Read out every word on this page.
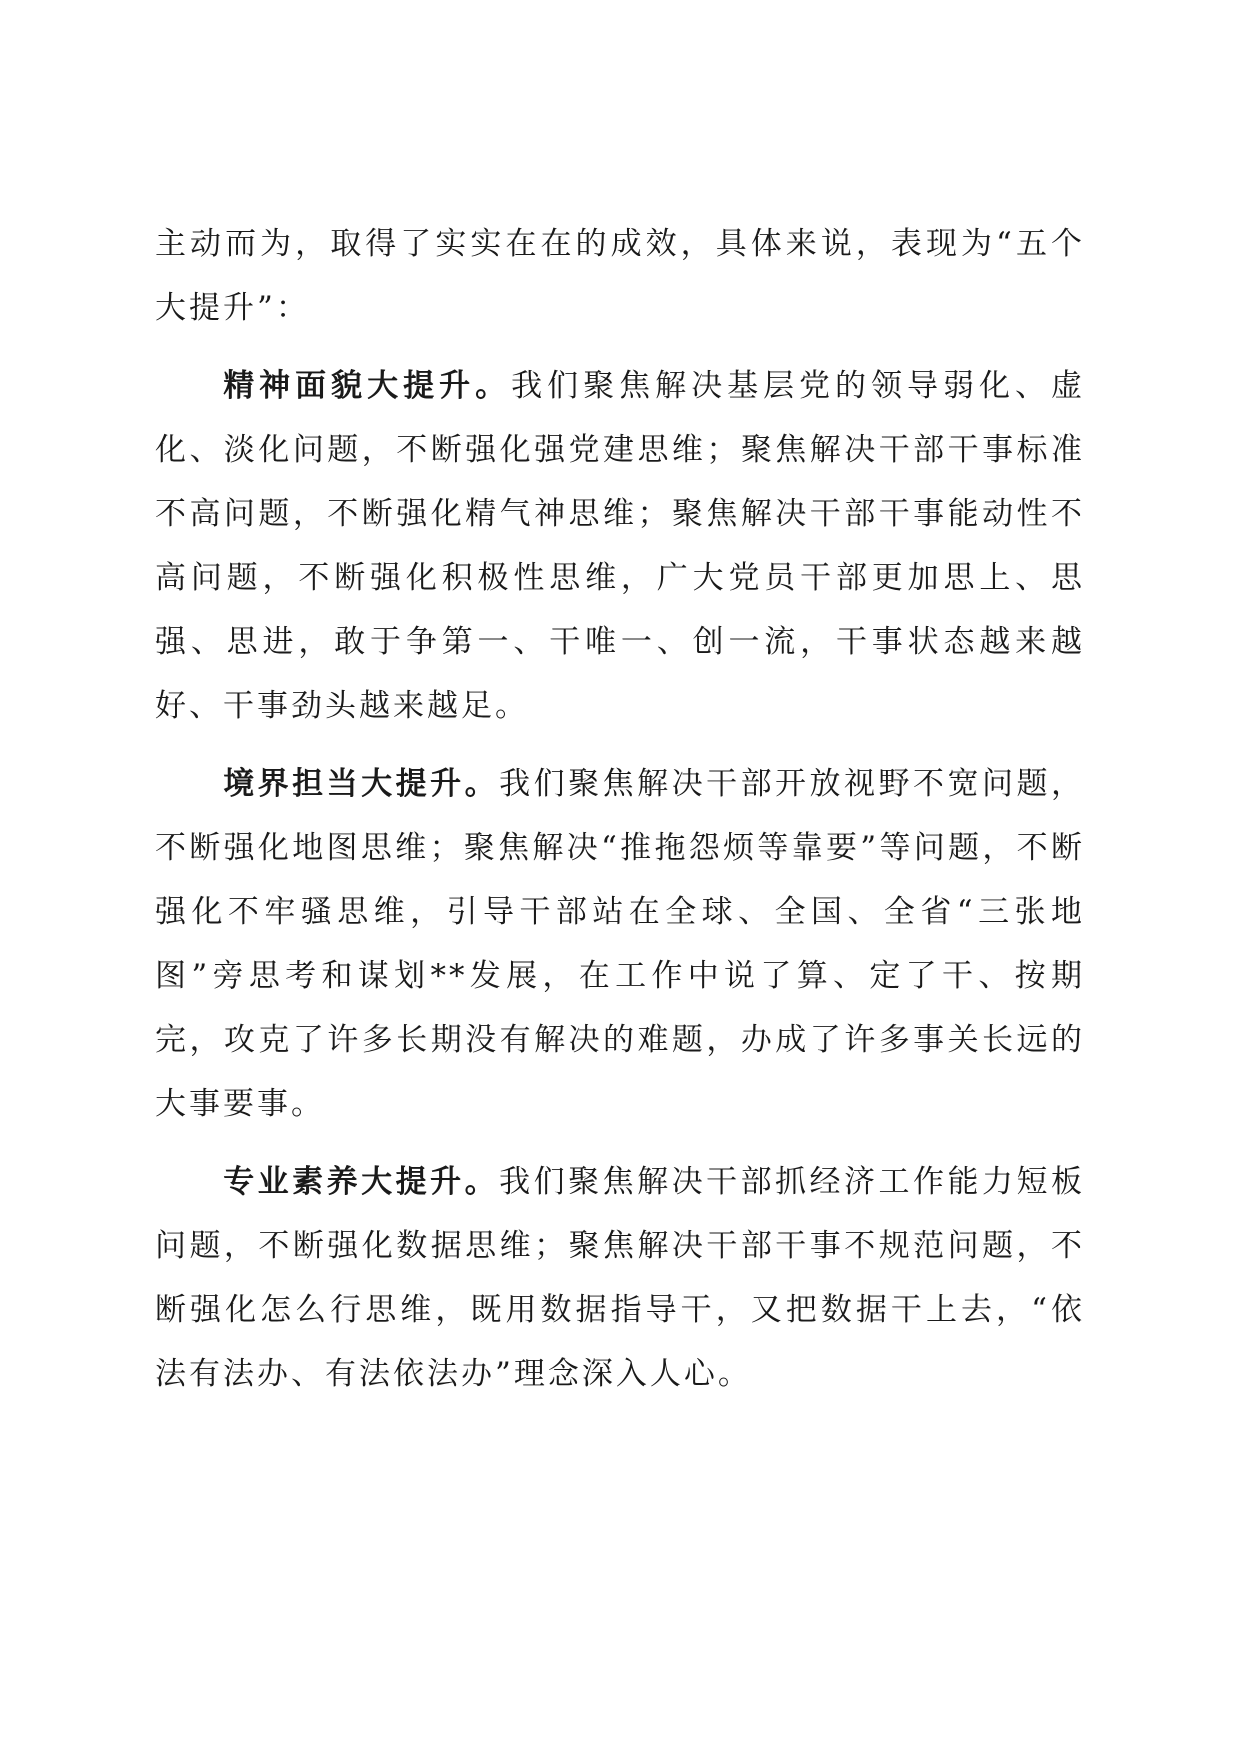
主动而为，取得了实实在在的成效，具体来说，表现为“五个大提升”：

精神面貌大提升。我们聚焦解决基层党的领导弱化、虚化、淡化问题，不断强化强党建思维；聚焦解决干部干事标准不高问题，不断强化精气神思维；聚焦解决干部干事能动性不高问题，不断强化积极性思维，广大党员干部更加思上、思强、思进，敢于争第一、干唯一、创一流，干事状态越来越好、干事劲头越来越足。

境界担当大提升。我们聚焦解决干部开放视野不宽问题，不断强化地图思维；聚焦解决“推拖怨烦等靠要”等问题，不断强化不牢骚思维，引导干部站在全球、全国、全省“三张地图”旁思考和谋划**发展，在工作中说了算、定了干、按期完，攻克了许多长期没有解决的难题，办成了许多事关长远的大事要事。

专业素养大提升。我们聚焦解决干部抓经济工作能力短板问题，不断强化数据思维；聚焦解决干部干事不规范问题，不断强化怎么行思维，既用数据指导干，又把数据干上去，“依法有法办、有法依法办”理念深入人心。
